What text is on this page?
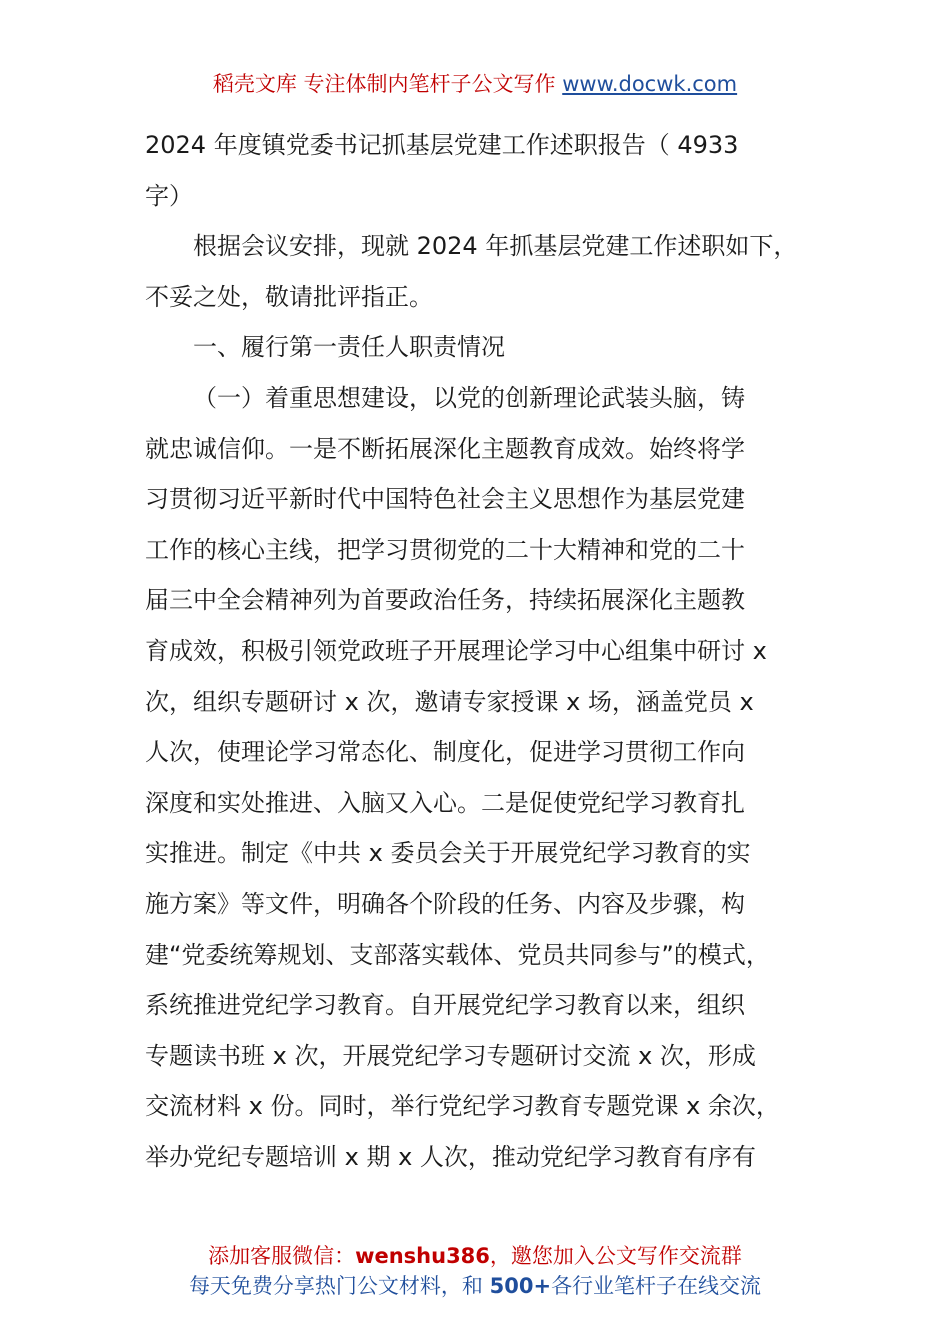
稻壳文库 专注体制内笔杆子公文写作 www.docwk.com
2024 年度镇党委书记抓基层党建工作述职报告（ 4933
字）
根据会议安排，现就 2024 年抓基层党建工作述职如下，
不妥之处，敬请批评指正。
一、履行第一责任人职责情况
（一）着重思想建设，以党的创新理论武装头脑，铸
就忠诚信仰。一是不断拓展深化主题教育成效。始终将学
习贯彻习近平新时代中国特色社会主义思想作为基层党建
工作的核心主线，把学习贯彻党的二十大精神和党的二十
届三中全会精神列为首要政治任务，持续拓展深化主题教
育成效，积极引领党政班子开展理论学习中心组集中研讨 x
次，组织专题研讨 x 次，邀请专家授课 x 场，涵盖党员 x
人次，使理论学习常态化、制度化，促进学习贯彻工作向
深度和实处推进、入脑又入心。二是促使党纪学习教育扎
实推进。制定《中共 x 委员会关于开展党纪学习教育的实
施方案》等文件，明确各个阶段的任务、内容及步骤，构
建“党委统筹规划、支部落实载体、党员共同参与”的模式，
系统推进党纪学习教育。自开展党纪学习教育以来，组织
专题读书班 x 次，开展党纪学习专题研讨交流 x 次，形成
交流材料 x 份。同时，举行党纪学习教育专题党课 x 余次，
举办党纪专题培训 x 期 x 人次，推动党纪学习教育有序有
添加客服微信：wenshu386，邀您加入公文写作交流群
每天免费分享热门公文材料，和 500+各行业笔杆子在线交流
